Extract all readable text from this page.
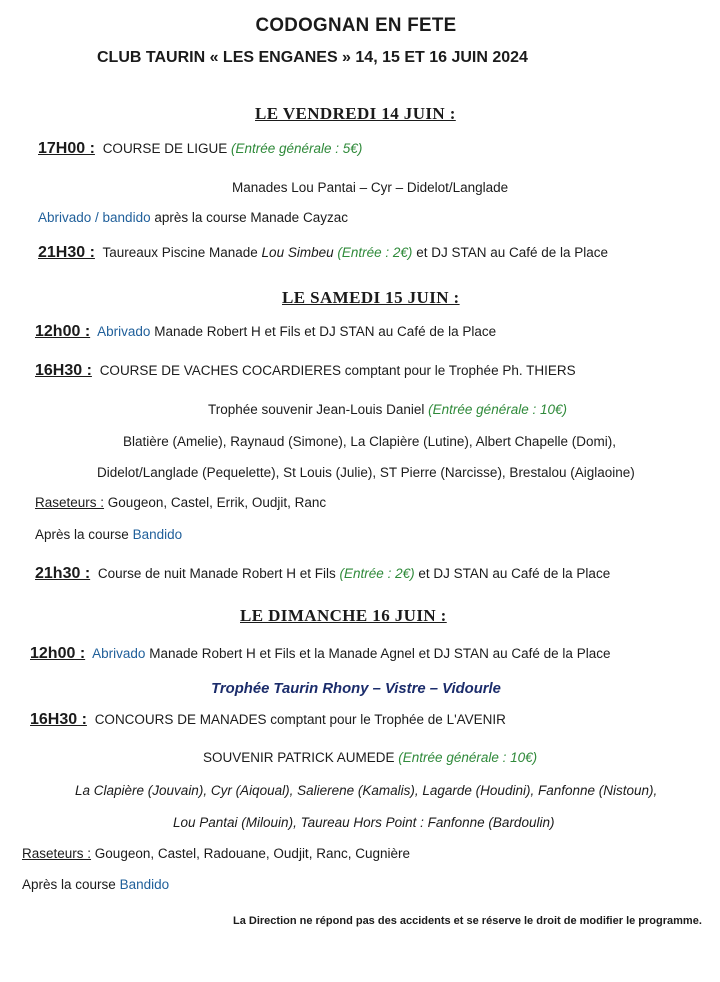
CODOGNAN EN FETE
CLUB TAURIN « LES ENGANES » 14, 15 ET 16 JUIN 2024
LE VENDREDI 14 JUIN :
17H00 : COURSE DE LIGUE (Entrée générale : 5€)
Manades Lou Pantai – Cyr – Didelot/Langlade
Abrivado / bandido après la course Manade Cayzac
21H30 : Taureaux Piscine Manade Lou Simbeu (Entrée : 2€) et DJ STAN au Café de la Place
LE SAMEDI 15 JUIN :
12h00 : Abrivado Manade Robert H et Fils et DJ STAN au Café de la Place
16H30 : COURSE DE VACHES COCARDIERES comptant pour le Trophée Ph. THIERS
Trophée souvenir Jean-Louis Daniel (Entrée générale : 10€)
Blatière (Amelie), Raynaud (Simone), La Clapière (Lutine), Albert Chapelle (Domi),
Didelot/Langlade (Pequelette), St Louis (Julie), ST Pierre (Narcisse), Brestalou (Aiglaoine)
Raseteurs : Gougeon, Castel, Errik, Oudjit, Ranc
Après la course Bandido
21h30 : Course de nuit Manade Robert H et Fils (Entrée : 2€) et DJ STAN au Café de la Place
LE DIMANCHE 16 JUIN :
12h00 : Abrivado Manade Robert H et Fils et la Manade Agnel et DJ STAN au Café de la Place
Trophée Taurin Rhony – Vistre – Vidourle
16H30 : CONCOURS DE MANADES comptant pour le Trophée de L'AVENIR
SOUVENIR PATRICK AUMEDE (Entrée générale : 10€)
La Clapière (Jouvain), Cyr (Aiqoual), Salierene (Kamalis), Lagarde (Houdini), Fanfonne (Nistoun),
Lou Pantai (Milouin), Taureau Hors Point : Fanfonne (Bardoulin)
Raseteurs : Gougeon, Castel, Radouane, Oudjit, Ranc, Cugnière
Après la course Bandido
La Direction ne répond pas des accidents et se réserve le droit de modifier le programme.
